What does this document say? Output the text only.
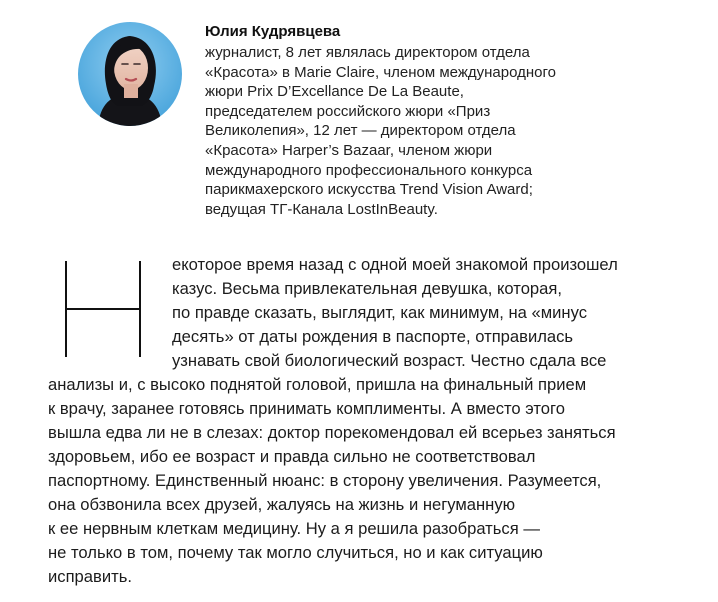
Юлия Кудрявцева
журналист, 8 лет являлась директором отдела
«Красота» в Marie Claire, членом международного
жюри Prix D’Excellance De La Beaute,
председателем российского жюри «Приз
Великолепия», 12 лет — директором отдела
«Красота» Harper’s Bazaar, членом жюри
международного профессионального конкурса
парикмахерского искусства Trend Vision Award;
ведущая ТГ-Канала LostInBeauty.
екоторое время назад с одной моей знакомой произошел
казус. Весьма привлекательная девушка, которая,
по правде сказать, выглядит, как минимум, на «минус
десять» от даты рождения в паспорте, отправилась
узнавать свой биологический возраст. Честно сдала все
анализы и, с высоко поднятой головой, пришла на финальный прием
к врачу, заранее готовясь принимать комплименты. А вместо этого
вышла едва ли не в слезах: доктор порекомендовал ей всерьез заняться
здоровьем, ибо ее возраст и правда сильно не соответствовал
паспортному. Единственный нюанс: в сторону увеличения. Разумеется,
она обзвонила всех друзей, жалуясь на жизнь и негуманную
к ее нервным клеткам медицину. Ну а я решила разобраться —
не только в том, почему так могло случиться, но и как ситуацию
исправить.
